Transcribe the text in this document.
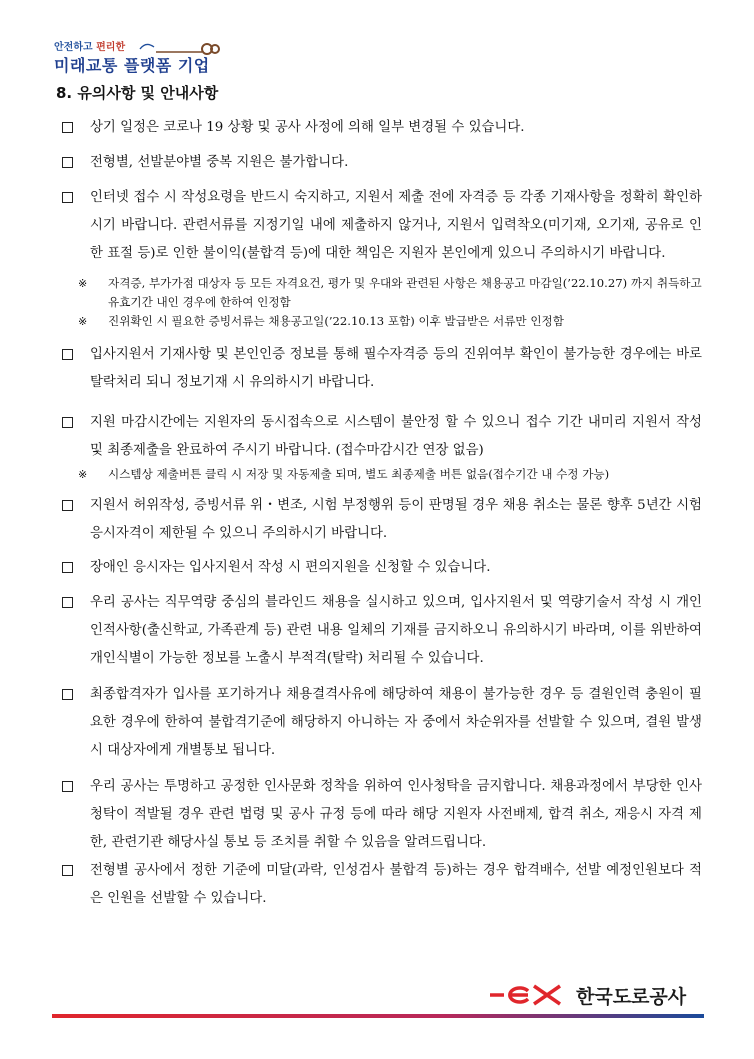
안전하고 편리한
미래교통 플랫폼 기업
8. 유의사항 및 안내사항
상기 일정은 코로나 19 상황 및 공사 사정에 의해 일부 변경될 수 있습니다.
전형별, 선발분야별 중복 지원은 불가합니다.
인터넷 접수 시 작성요령을 반드시 숙지하고, 지원서 제출 전에 자격증 등 각종 기재사항을 정확히 확인하시기 바랍니다. 관련서류를 지정기일 내에 제출하지 않거나, 지원서 입력착오(미기재, 오기재, 공유로 인한 표절 등)로 인한 불이익(불합격 등)에 대한 책임은 지원자 본인에게 있으니 주의하시기 바랍니다.
※ 자격증, 부가가점 대상자 등 모든 자격요건, 평가 및 우대와 관련된 사항은 채용공고 마감일(’22.10.27) 까지 취득하고 유효기간 내인 경우에 한하여 인정함
※ 진위확인 시 필요한 증빙서류는 채용공고일(’22.10.13 포함) 이후 발급받은 서류만 인정함
입사지원서 기재사항 및 본인인증 정보를 통해 필수자격증 등의 진위여부 확인이 불가능한 경우에는 바로 탈락처리 되니 정보기재 시 유의하시기 바랍니다.
지원 마감시간에는 지원자의 동시접속으로 시스템이 불안정 할 수 있으니 접수 기간 내미리 지원서 작성 및 최종제출을 완료하여 주시기 바랍니다. (접수마감시간 연장 없음)
※ 시스템상 제출버튼 클릭 시 저장 및 자동제출 되며, 별도 최종제출 버튼 없음(접수기간 내 수정 가능)
지원서 허위작성, 증빙서류 위・변조, 시험 부정행위 등이 판명될 경우 채용 취소는 물론 향후 5년간 시험 응시자격이 제한될 수 있으니 주의하시기 바랍니다.
장애인 응시자는 입사지원서 작성 시 편의지원을 신청할 수 있습니다.
우리 공사는 직무역량 중심의 블라인드 채용을 실시하고 있으며, 입사지원서 및 역량기술서 작성 시 개인 인적사항(출신학교, 가족관계 등) 관련 내용 일체의 기재를 금지하오니 유의하시기 바라며, 이를 위반하여 개인식별이 가능한 정보를 노출시 부적격(탈락) 처리될 수 있습니다.
최종합격자가 입사를 포기하거나 채용결격사유에 해당하여 채용이 불가능한 경우 등 결원인력 충원이 필요한 경우에 한하여 불합격기준에 해당하지 아니하는 자 중에서 차순위자를 선발할 수 있으며, 결원 발생 시 대상자에게 개별통보 됩니다.
우리 공사는 투명하고 공정한 인사문화 정착을 위하여 인사청탁을 금지합니다. 채용과정에서 부당한 인사청탁이 적발될 경우 관련 법령 및 공사 규정 등에 따라 해당 지원자 사전배제, 합격 취소, 재응시 자격 제한, 관련기관 해당사실 통보 등 조치를 취할 수 있음을 알려드립니다.
전형별 공사에서 정한 기준에 미달(과락, 인성검사 불합격 등)하는 경우 합격배수, 선발 예정인원보다 적은 인원을 선발할 수 있습니다.
한국도로공사
